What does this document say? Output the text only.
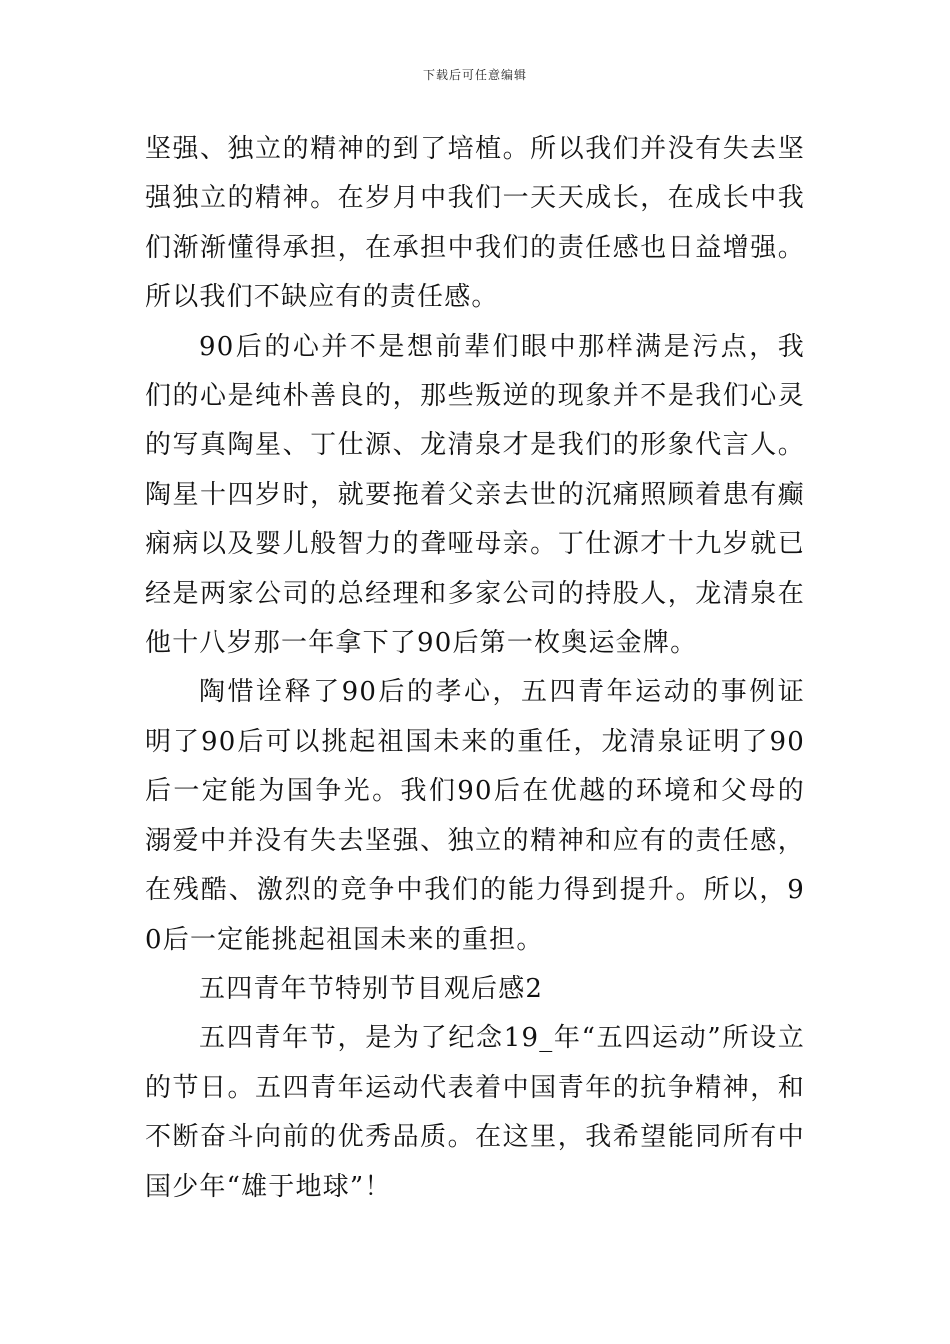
下载后可任意编辑

坚强、独立的精神的到了培植。所以我们并没有失去坚强独立的精神。在岁月中我们一天天成长，在成长中我们渐渐懂得承担，在承担中我们的责任感也日益增强。所以我们不缺应有的责任感。

90后的心并不是想前辈们眼中那样满是污点，我们的心是纯朴善良的，那些叛逆的现象并不是我们心灵的写真陶星、丁仕源、龙清泉才是我们的形象代言人。陶星十四岁时，就要拖着父亲去世的沉痛照顾着患有癫痫病以及婴儿般智力的聋哑母亲。丁仕源才十九岁就已经是两家公司的总经理和多家公司的持股人，龙清泉在他十八岁那一年拿下了90后第一枚奥运金牌。

陶惜诠释了90后的孝心，五四青年运动的事例证明了90后可以挑起祖国未来的重任，龙清泉证明了90后一定能为国争光。我们90后在优越的环境和父母的溺爱中并没有失去坚强、独立的精神和应有的责任感，在残酷、激烈的竞争中我们的能力得到提升。所以，90后一定能挑起祖国未来的重担。

五四青年节特别节目观后感2

五四青年节，是为了纪念19_年“五四运动”所设立的节日。五四青年运动代表着中国青年的抗争精神，和不断奋斗向前的优秀品质。在这里，我希望能同所有中国少年“雄于地球”！
